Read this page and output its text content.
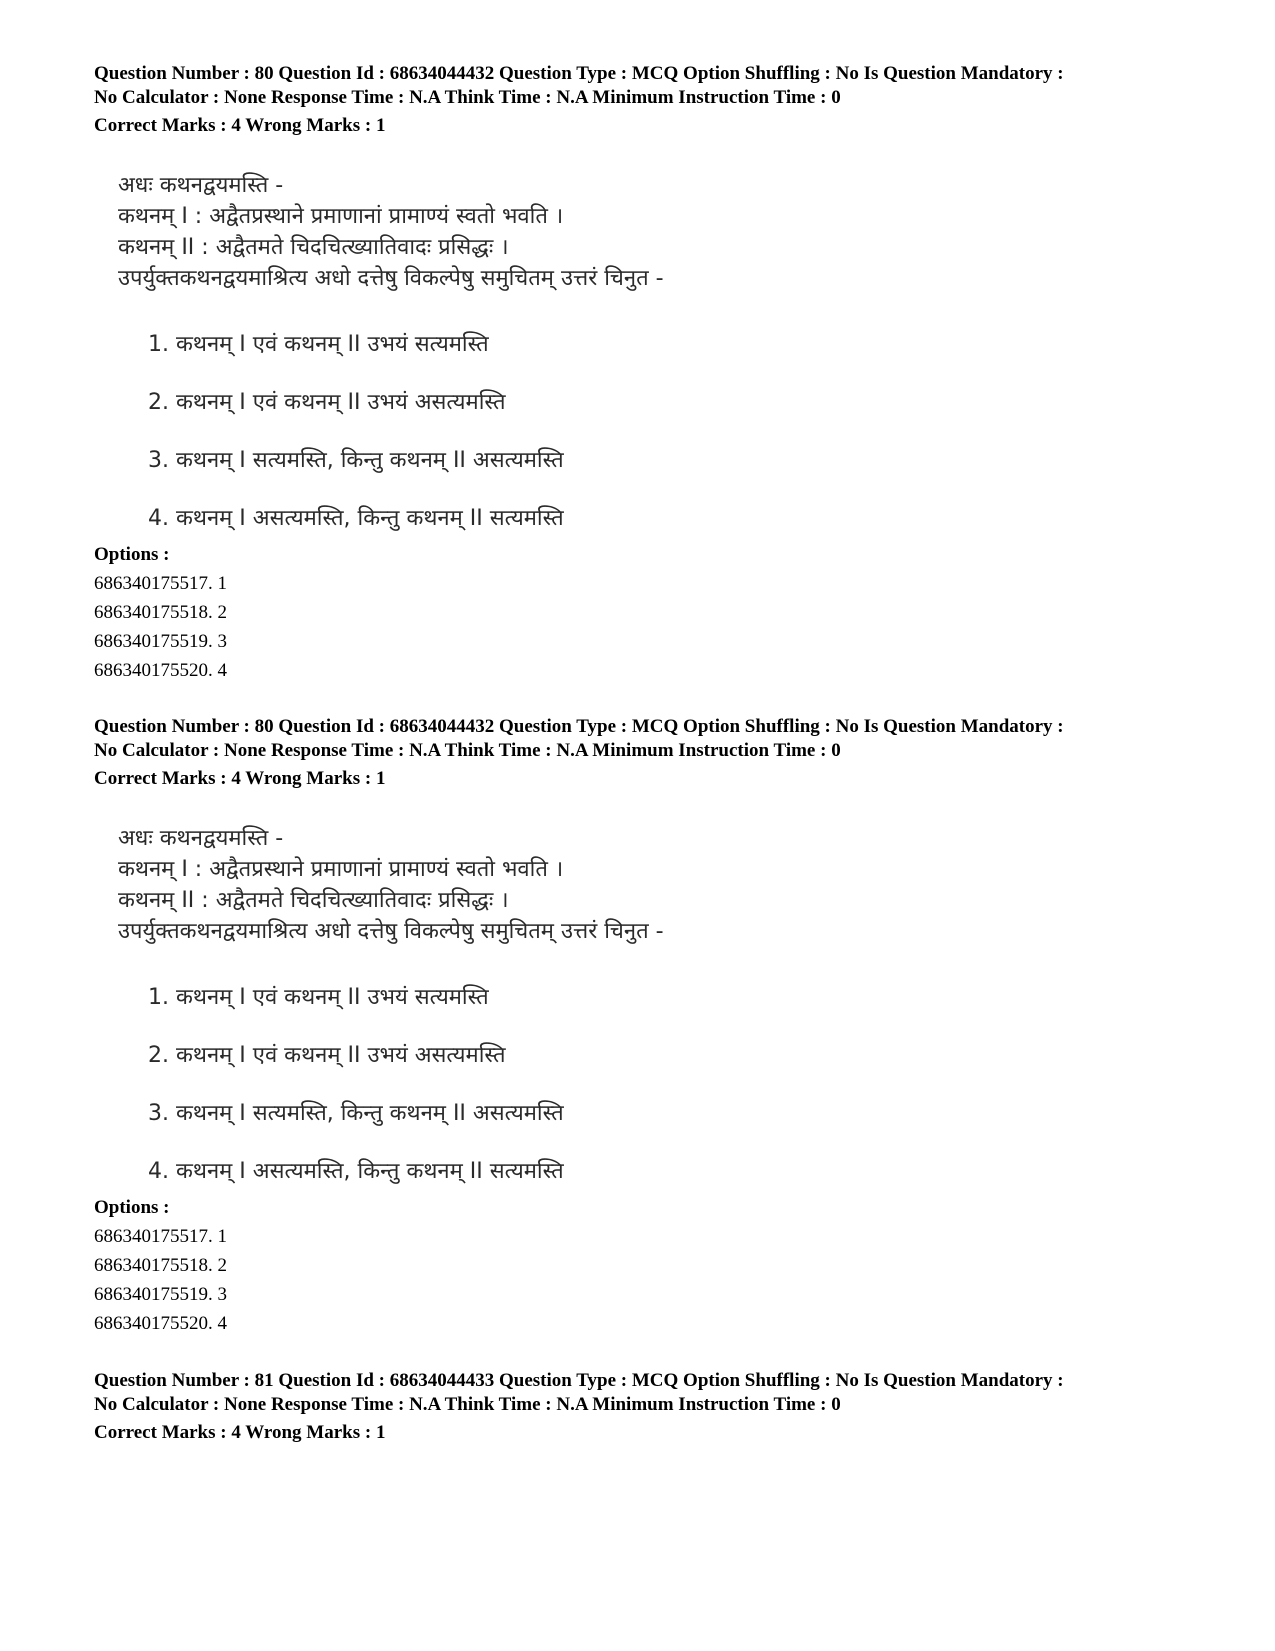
Question Number : 80 Question Id : 68634044432 Question Type : MCQ Option Shuffling : No Is Question Mandatory :
No Calculator : None Response Time : N.A Think Time : N.A Minimum Instruction Time : 0
Correct Marks : 4 Wrong Marks : 1
अधः कथनद्वयमस्ति -
कथनम् I : अद्वैतप्रस्थाने प्रमाणानां प्रामाण्यं स्वतो भवति ।
कथनम् II : अद्वैतमते चिदचित्ख्यातिवादः प्रसिद्धः ।
उपर्युक्तकथनद्वयमाश्रित्य अधो दत्तेषु विकल्पेषु समुचितम् उत्तरं चिनुत -
1. कथनम् I एवं कथनम् II उभयं सत्यमस्ति
2. कथनम् I एवं कथनम् II उभयं असत्यमस्ति
3. कथनम् I सत्यमस्ति, किन्तु कथनम् II असत्यमस्ति
4. कथनम् I असत्यमस्ति, किन्तु कथनम् II सत्यमस्ति
Options :
686340175517. 1
686340175518. 2
686340175519. 3
686340175520. 4
Question Number : 80 Question Id : 68634044432 Question Type : MCQ Option Shuffling : No Is Question Mandatory :
No Calculator : None Response Time : N.A Think Time : N.A Minimum Instruction Time : 0
Correct Marks : 4 Wrong Marks : 1
अधः कथनद्वयमस्ति -
कथनम् I : अद्वैतप्रस्थाने प्रमाणानां प्रामाण्यं स्वतो भवति ।
कथनम् II : अद्वैतमते चिदचित्ख्यातिवादः प्रसिद्धः ।
उपर्युक्तकथनद्वयमाश्रित्य अधो दत्तेषु विकल्पेषु समुचितम् उत्तरं चिनुत -
1. कथनम् I एवं कथनम् II उभयं सत्यमस्ति
2. कथनम् I एवं कथनम् II उभयं असत्यमस्ति
3. कथनम् I सत्यमस्ति, किन्तु कथनम् II असत्यमस्ति
4. कथनम् I असत्यमस्ति, किन्तु कथनम् II सत्यमस्ति
Options :
686340175517. 1
686340175518. 2
686340175519. 3
686340175520. 4
Question Number : 81 Question Id : 68634044433 Question Type : MCQ Option Shuffling : No Is Question Mandatory :
No Calculator : None Response Time : N.A Think Time : N.A Minimum Instruction Time : 0
Correct Marks : 4 Wrong Marks : 1
